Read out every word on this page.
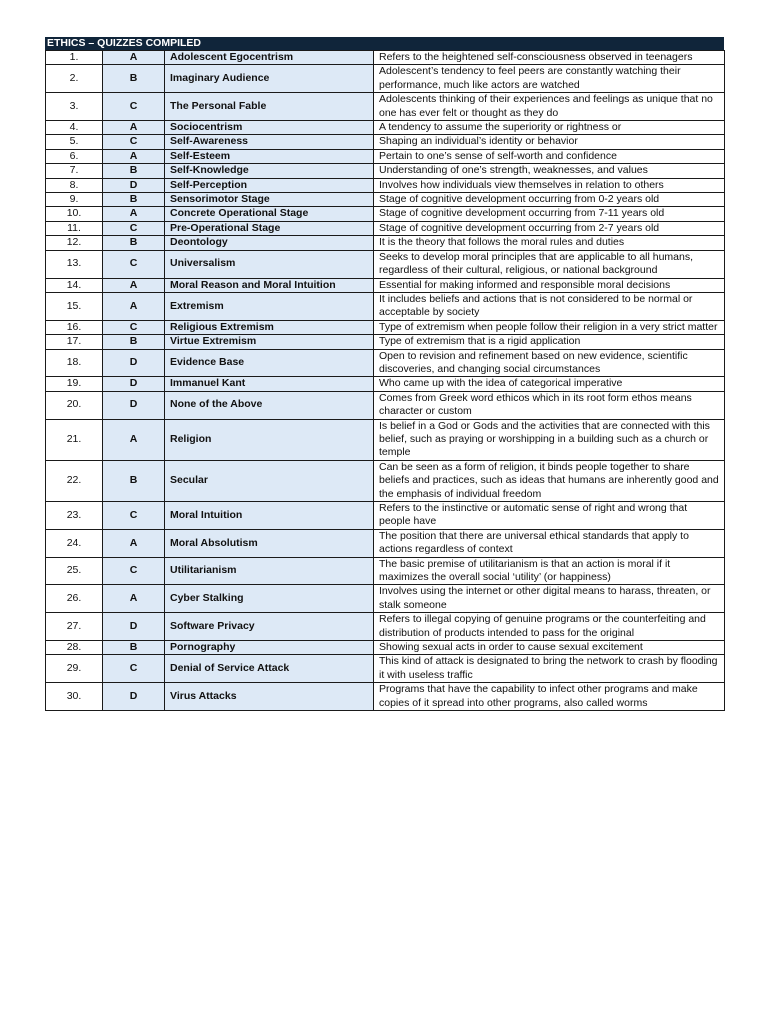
ETHICS – QUIZZES COMPILED
1.	A	Adolescent Egocentrism	Refers to the heightened self-consciousness observed in teenagers
2.	B	Imaginary Audience	Adolescent’s tendency to feel peers are constantly watching their performance, much like actors are watched
3.	C	The Personal Fable	Adolescents thinking of their experiences and feelings as unique that no one has ever felt or thought as they do
4.	A	Sociocentrism	A tendency to assume the superiority or rightness or
5.	C	Self-Awareness	Shaping an individual’s identity or behavior
6.	A	Self-Esteem	Pertain to one’s sense of self-worth and confidence
7.	B	Self-Knowledge	Understanding of one’s strength, weaknesses, and values
8.	D	Self-Perception	Involves how individuals view themselves in relation to others
9.	B	Sensorimotor Stage	Stage of cognitive development occurring from 0-2 years old
10.	A	Concrete Operational Stage	Stage of cognitive development occurring from 7-11 years old
11.	C	Pre-Operational Stage	Stage of cognitive development occurring from 2-7 years old
12.	B	Deontology	It is the theory that follows the moral rules and duties
13.	C	Universalism	Seeks to develop moral principles that are applicable to all humans, regardless of their cultural, religious, or national background
14.	A	Moral Reason and Moral Intuition	Essential for making informed and responsible moral decisions
15.	A	Extremism	It includes beliefs and actions that is not considered to be normal or acceptable by society
16.	C	Religious Extremism	Type of extremism when people follow their religion in a very strict matter
17.	B	Virtue Extremism	Type of extremism that is a rigid application
18.	D	Evidence Base	Open to revision and refinement based on new evidence, scientific discoveries, and changing social circumstances
19.	D	Immanuel Kant	Who came up with the idea of categorical imperative
20.	D	None of the Above	Comes from Greek word ethicos which in its root form ethos means character or custom
21.	A	Religion	Is belief in a God or Gods and the activities that are connected with this belief, such as praying or worshipping in a building such as a church or temple
22.	B	Secular	Can be seen as a form of religion, it binds people together to share beliefs and practices, such as ideas that humans are inherently good and the emphasis of individual freedom
23.	C	Moral Intuition	Refers to the instinctive or automatic sense of right and wrong that people have
24.	A	Moral Absolutism	The position that there are universal ethical standards that apply to actions regardless of context
25.	C	Utilitarianism	The basic premise of utilitarianism is that an action is moral if it maximizes the overall social ‘utility’ (or happiness)
26.	A	Cyber Stalking	Involves using the internet or other digital means to harass, threaten, or stalk someone
27.	D	Software Privacy	Refers to illegal copying of genuine programs or the counterfeiting and distribution of products intended to pass for the original
28.	B	Pornography	Showing sexual acts in order to cause sexual excitement
29.	C	Denial of Service Attack	This kind of attack is designated to bring the network to crash by flooding it with useless traffic
30.	D	Virus Attacks	Programs that have the capability to infect other programs and make copies of it spread into other programs, also called worms
